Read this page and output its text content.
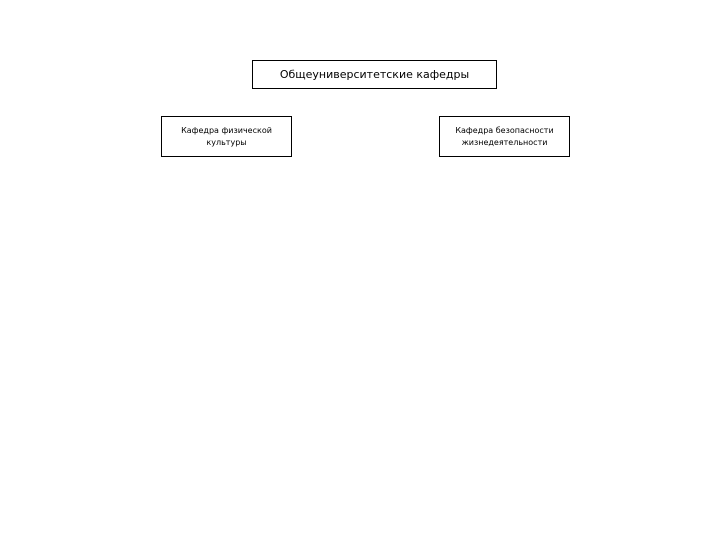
Общеуниверситетские кафедры
Кафедра физической культуры
Кафедра безопасности жизнедеятельности
